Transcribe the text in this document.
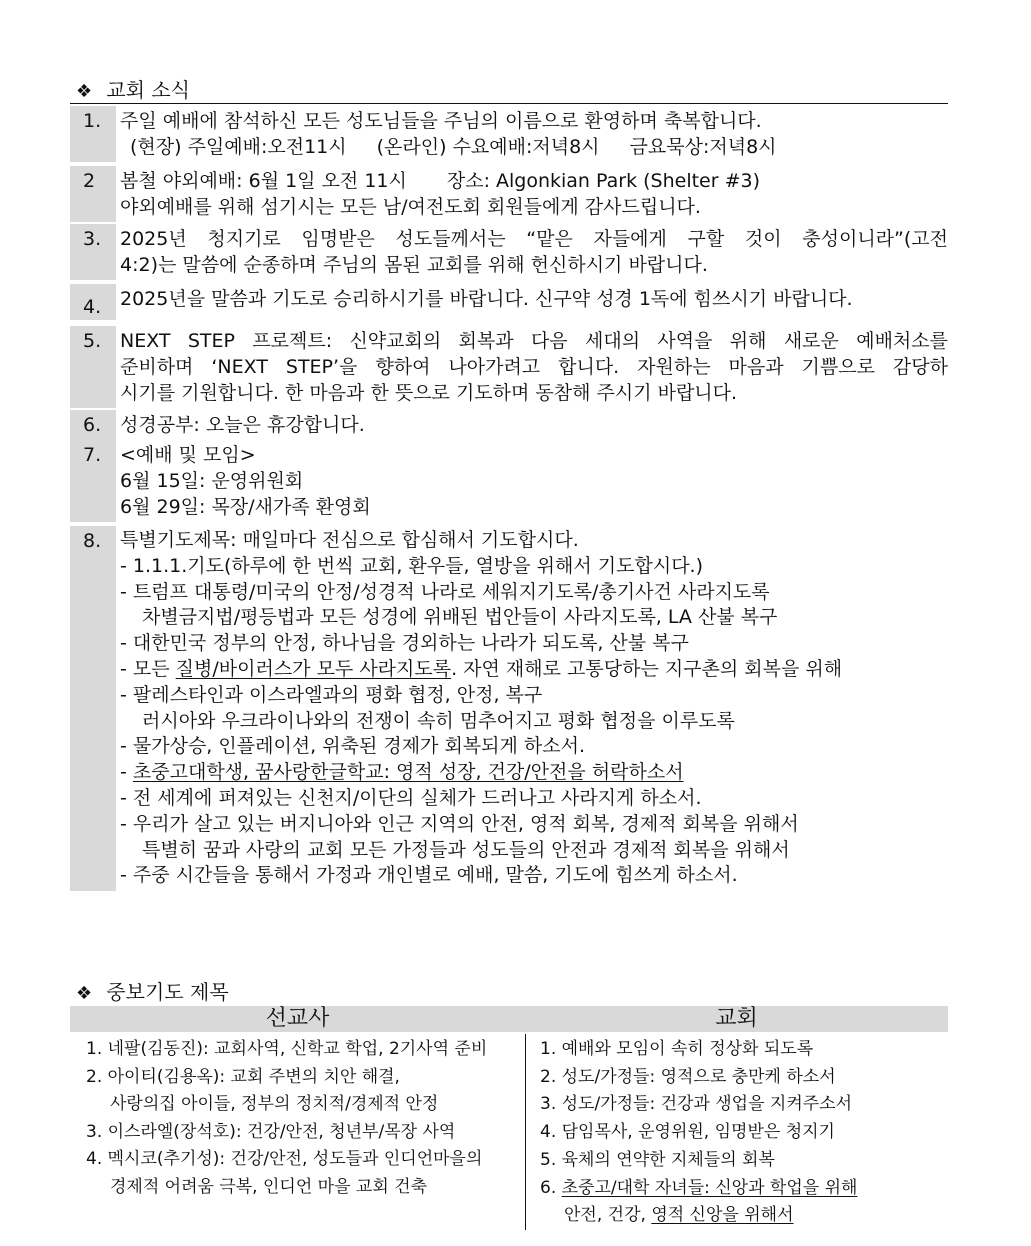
❖ 교회 소식
1. 주일 예배에 참석하신 모든 성도님들을 주님의 이름으로 환영하며 축복합니다.
(현장) 주일예배:오전11시 (온라인) 수요예배:저녁8시 금요묵상:저녁8시
2	봄철 야외예배: 6월 1일 오전 11시 장소: Algonkian Park (Shelter #3)
야외예배를 위해 섬기시는 모든 남/여전도회 회원들에게 감사드립니다.
3. 2025년 청지기로 임명받은 성도들께서는 “맡은 자들에게 구할 것이 충성이니라”(고전
4:2)는 말씀에 순종하며 주님의 몸된 교회를 위해 헌신하시기 바랍니다.
4. 2025년을 말씀과 기도로 승리하시기를 바랍니다. 신구약 성경 1독에 힘쓰시기 바랍니다.
5. NEXT STEP 프로젝트: 신약교회의 회복과 다음 세대의 사역을 위해 새로운 예배처소를
준비하며 ‘NEXT STEP’을 향하여 나아가려고 합니다. 자원하는 마음과 기쁨으로 감당하
시기를 기원합니다. 한 마음과 한 뜻으로 기도하며 동참해 주시기 바랍니다.
6. 성경공부: 오늘은 휴강합니다.
7. <예배 및 모임>
6월 15일: 운영위원회
6월 29일: 목장/새가족 환영회
8. 특별기도제목: 매일마다 전심으로 합심해서 기도합시다.
- 1.1.1.기도(하루에 한 번씩 교회, 환우들, 열방을 위해서 기도합시다.)
- 트럼프 대통령/미국의 안정/성경적 나라로 세워지기도록/총기사건 사라지도록
차별금지법/평등법과 모든 성경에 위배된 법안들이 사라지도록, LA 산불 복구
- 대한민국 정부의 안정, 하나님을 경외하는 나라가 되도록, 산불 복구
- 모든 질병/바이러스가 모두 사라지도록. 자연 재해로 고통당하는 지구촌의 회복을 위해
- 팔레스타인과 이스라엘과의 평화 협정, 안정, 복구
러시아와 우크라이나와의 전쟁이 속히 멈추어지고 평화 협정을 이루도록
- 물가상승, 인플레이션, 위축된 경제가 회복되게 하소서.
- 초중고대학생, 꿈사랑한글학교: 영적 성장, 건강/안전을 허락하소서
- 전 세계에 퍼져있는 신천지/이단의 실체가 드러나고 사라지게 하소서.
- 우리가 살고 있는 버지니아와 인근 지역의 안전, 영적 회복, 경제적 회복을 위해서
특별히 꿈과 사랑의 교회 모든 가정들과 성도들의 안전과 경제적 회복을 위해서
- 주중 시간들을 통해서 가정과 개인별로 예배, 말씀, 기도에 힘쓰게 하소서.
❖ 중보기도 제목
선교사	교회
1. 네팔(김동진): 교회사역, 신학교 학업, 2기사역 준비
2. 아이티(김용옥): 교회 주변의 치안 해결,
사랑의집 아이들, 정부의 정치적/경제적 안정
3. 이스라엘(장석호): 건강/안전, 청년부/목장 사역
4. 멕시코(추기성): 건강/안전, 성도들과 인디언마을의
경제적 어려움 극복, 인디언 마을 교회 건축
1. 예배와 모임이 속히 정상화 되도록
2. 성도/가정들: 영적으로 충만케 하소서
3. 성도/가정들: 건강과 생업을 지켜주소서
4. 담임목사, 운영위원, 임명받은 청지기
5. 육체의 연약한 지체들의 회복
6. 초중고/대학 자녀들: 신앙과 학업을 위해
안전, 건강, 영적 신앙을 위해서
